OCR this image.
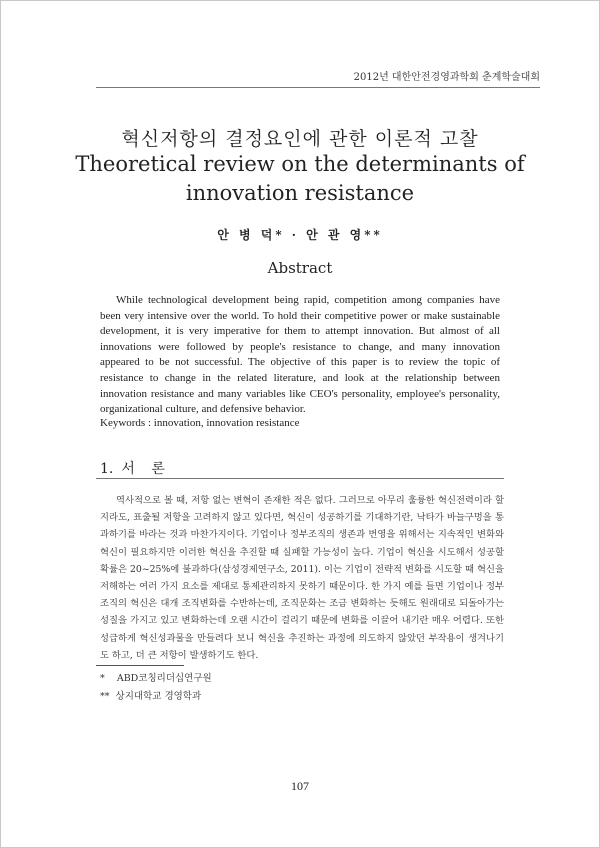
2012년 대한안전경영과학회 춘계학술대회
혁신저항의 결정요인에 관한 이론적 고찰
Theoretical review on the determinants of innovation resistance
안 병 덕* · 안 관 영**
Abstract

While technological development being rapid, competition among companies have been very intensive over the world. To hold their competitive power or make sustainable development, it is very imperative for them to attempt innovation. But almost of all innovations were followed by people's resistance to change, and many innovation appeared to be not successful. The objective of this paper is to review the topic of resistance to change in the related literature, and look at the relationship between innovation resistance and many variables like CEO's personality, employee's personality, organizational culture, and defensive behavior.

Keywords : innovation, innovation resistance
1. 서 론

역사적으로 볼 때, 저항 없는 변혁이 존재한 적은 없다. 그러므로 아무리 훌륭한 혁신전력이라 할지라도, 표출될 저항을 고려하지 않고 있다면, 혁신이 성공하기를 기대하기란, 낙타가 바늘구멍을 통과하기를 바라는 것과 마찬가지이다. 기업이나 정부조직의 생존과 번영을 위해서는 지속적인 변화와 혁신이 필요하지만 이러한 혁신을 추진할 때 실패할 가능성이 높다. 기업이 혁신을 시도해서 성공할 확률은 20~25%에 불과하다(삼성경제연구소, 2011). 이는 기업이 전략적 변화를 시도할 때 혁신을 저해하는 여러 가지 요소를 제대로 통제관리하지 못하기 때문이다. 한 가지 예를 들면 기업이나 정부조직의 혁신은 대개 조직변화를 수반하는데, 조직문화는 조금 변화하는 듯해도 원래대로 되돌아가는 성질을 가지고 있고 변화하는데 오랜 시간이 걸리기 때문에 변화를 이끌어 내기란 매우 어렵다. 또한 성급하게 혁신성과물을 만들려다 보니 혁신을 추진하는 과정에 의도하지 않았던 부작용이 생겨나기도 하고, 더 큰 저항이 발생하기도 한다.

*    ABD코칭리더십연구원
**  상지대학교 경영학과
107
